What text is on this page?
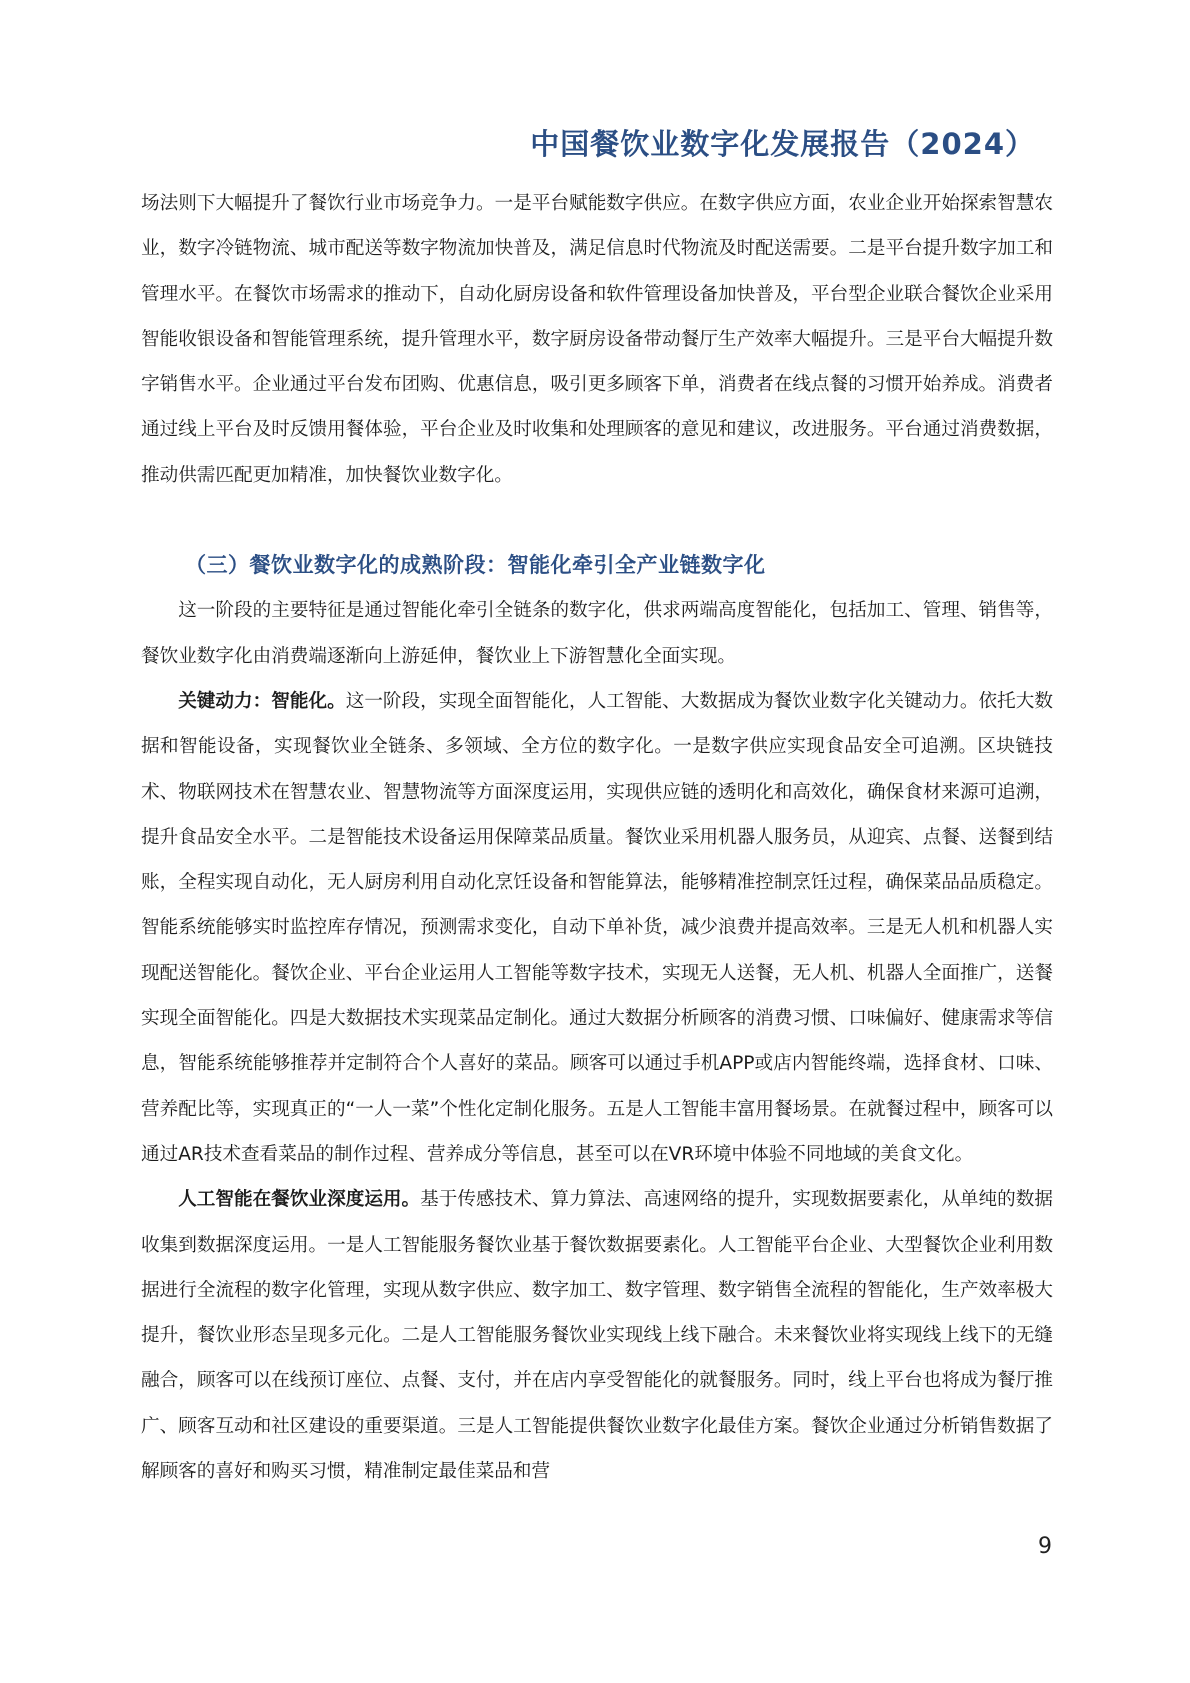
中国餐饮业数字化发展报告（2024）

场法则下大幅提升了餐饮行业市场竞争力。一是平台赋能数字供应。在数字供应方面，农业企业开始探索智慧农业，数字冷链物流、城市配送等数字物流加快普及，满足信息时代物流及时配送需要。二是平台提升数字加工和管理水平。在餐饮市场需求的推动下，自动化厨房设备和软件管理设备加快普及，平台型企业联合餐饮企业采用智能收银设备和智能管理系统，提升管理水平，数字厨房设备带动餐厅生产效率大幅提升。三是平台大幅提升数字销售水平。企业通过平台发布团购、优惠信息，吸引更多顾客下单，消费者在线点餐的习惯开始养成。消费者通过线上平台及时反馈用餐体验，平台企业及时收集和处理顾客的意见和建议，改进服务。平台通过消费数据，推动供需匹配更加精准，加快餐饮业数字化。

（三）餐饮业数字化的成熟阶段：智能化牵引全产业链数字化

这一阶段的主要特征是通过智能化牵引全链条的数字化，供求两端高度智能化，包括加工、管理、销售等，餐饮业数字化由消费端逐渐向上游延伸，餐饮业上下游智慧化全面实现。

关键动力：智能化。这一阶段，实现全面智能化，人工智能、大数据成为餐饮业数字化关键动力。依托大数据和智能设备，实现餐饮业全链条、多领域、全方位的数字化。一是数字供应实现食品安全可追溯。区块链技术、物联网技术在智慧农业、智慧物流等方面深度运用，实现供应链的透明化和高效化，确保食材来源可追溯，提升食品安全水平。二是智能技术设备运用保障菜品质量。餐饮业采用机器人服务员，从迎宾、点餐、送餐到结账，全程实现自动化，无人厨房利用自动化烹饪设备和智能算法，能够精准控制烹饪过程，确保菜品品质稳定。智能系统能够实时监控库存情况，预测需求变化，自动下单补货，减少浪费并提高效率。三是无人机和机器人实现配送智能化。餐饮企业、平台企业运用人工智能等数字技术，实现无人送餐，无人机、机器人全面推广，送餐实现全面智能化。四是大数据技术实现菜品定制化。通过大数据分析顾客的消费习惯、口味偏好、健康需求等信息，智能系统能够推荐并定制符合个人喜好的菜品。顾客可以通过手机APP或店内智能终端，选择食材、口味、营养配比等，实现真正的“一人一菜”个性化定制化服务。五是人工智能丰富用餐场景。在就餐过程中，顾客可以通过AR技术查看菜品的制作过程、营养成分等信息，甚至可以在VR环境中体验不同地域的美食文化。

人工智能在餐饮业深度运用。基于传感技术、算力算法、高速网络的提升，实现数据要素化，从单纯的数据收集到数据深度运用。一是人工智能服务餐饮业基于餐饮数据要素化。人工智能平台企业、大型餐饮企业利用数据进行全流程的数字化管理，实现从数字供应、数字加工、数字管理、数字销售全流程的智能化，生产效率极大提升，餐饮业形态呈现多元化。二是人工智能服务餐饮业实现线上线下融合。未来餐饮业将实现线上线下的无缝融合，顾客可以在线预订座位、点餐、支付，并在店内享受智能化的就餐服务。同时，线上平台也将成为餐厅推广、顾客互动和社区建设的重要渠道。三是人工智能提供餐饮业数字化最佳方案。餐饮企业通过分析销售数据了解顾客的喜好和购买习惯，精准制定最佳菜品和营

9
